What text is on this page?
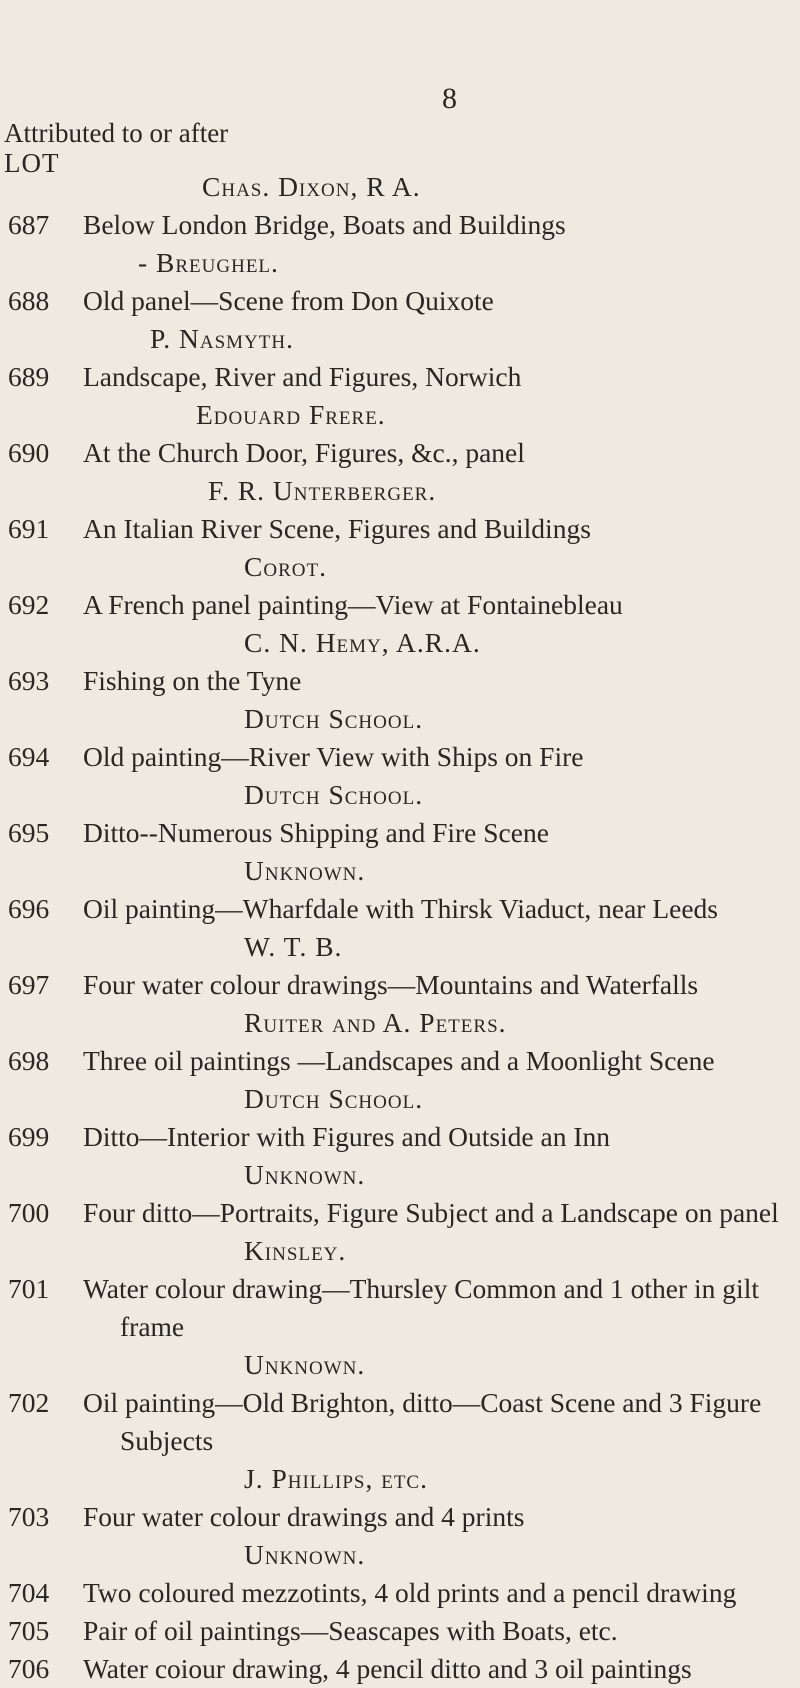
8
Attributed to or after
LOT
Chas. Dixon, R A.
687 Below London Bridge, Boats and Buildings
- Breughel.
688 Old panel—Scene from Don Quixote
P. Nasmyth.
689 Landscape, River and Figures, Norwich
Edouard Frere.
690 At the Church Door, Figures, &c., panel
F. R. Unterberger.
691 An Italian River Scene, Figures and Buildings
Corot.
692 A French panel painting—View at Fontainebleau
C. N. Hemy, A.R.A.
693 Fishing on the Tyne
Dutch School.
694 Old painting—River View with Ships on Fire
Dutch School.
695 Ditto--Numerous Shipping and Fire Scene
Unknown.
696 Oil painting—Wharfdale with Thirsk Viaduct, near Leeds
W. T. B.
697 Four water colour drawings—Mountains and Waterfalls
Ruiter and A. Peters.
698 Three oil paintings —Landscapes and a Moonlight Scene
Dutch School.
699 Ditto—Interior with Figures and Outside an Inn
Unknown.
700 Four ditto—Portraits, Figure Subject and a Landscape on panel
Kinsley.
701 Water colour drawing—Thursley Common and 1 other in gilt
frame
Unknown.
702 Oil painting—Old Brighton, ditto—Coast Scene and 3 Figure
Subjects
J. Phillips, etc.
703 Four water colour drawings and 4 prints
Unknown.
704 Two coloured mezzotints, 4 old prints and a pencil drawing
705 Pair of oil paintings—Seascapes with Boats, etc.
706 Water coiour drawing, 4 pencil ditto and 3 oil paintings
